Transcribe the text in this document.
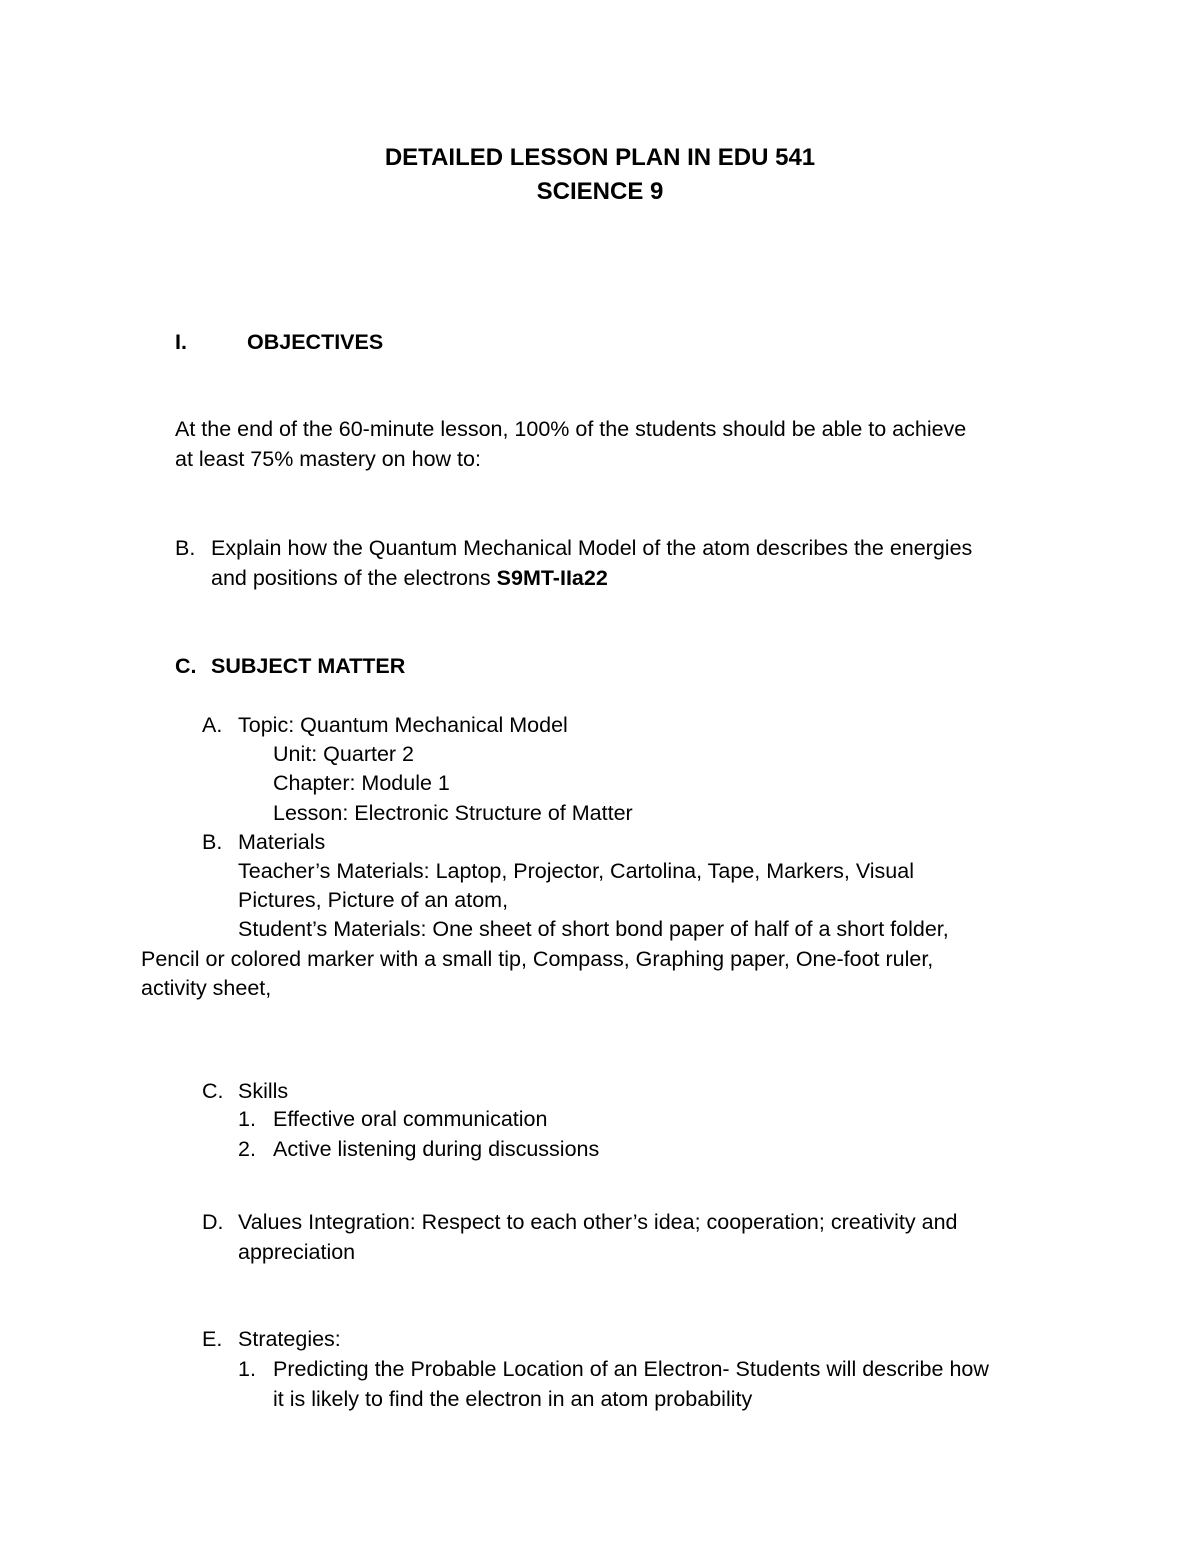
DETAILED LESSON PLAN IN EDU 541
SCIENCE 9
I.	OBJECTIVES
At the end of the 60-minute lesson, 100% of the students should be able to achieve
at least 75% mastery on how to:
B. Explain how the Quantum Mechanical Model of the atom describes the energies
and positions of the electrons S9MT-IIa22
C. SUBJECT MATTER
A. Topic: Quantum Mechanical Model
Unit: Quarter 2
Chapter: Module 1
Lesson: Electronic Structure of Matter
B. Materials
Teacher’s Materials: Laptop, Projector, Cartolina, Tape, Markers, Visual
Pictures, Picture of an atom,
Student’s Materials: One sheet of short bond paper of half of a short folder,
Pencil or colored marker with a small tip, Compass, Graphing paper, One-foot ruler,
activity sheet,
C. Skills
1. Effective oral communication
2. Active listening during discussions
D. Values Integration: Respect to each other’s idea; cooperation; creativity and
appreciation
E. Strategies:
1. Predicting the Probable Location of an Electron- Students will describe how
it is likely to find the electron in an atom probability
